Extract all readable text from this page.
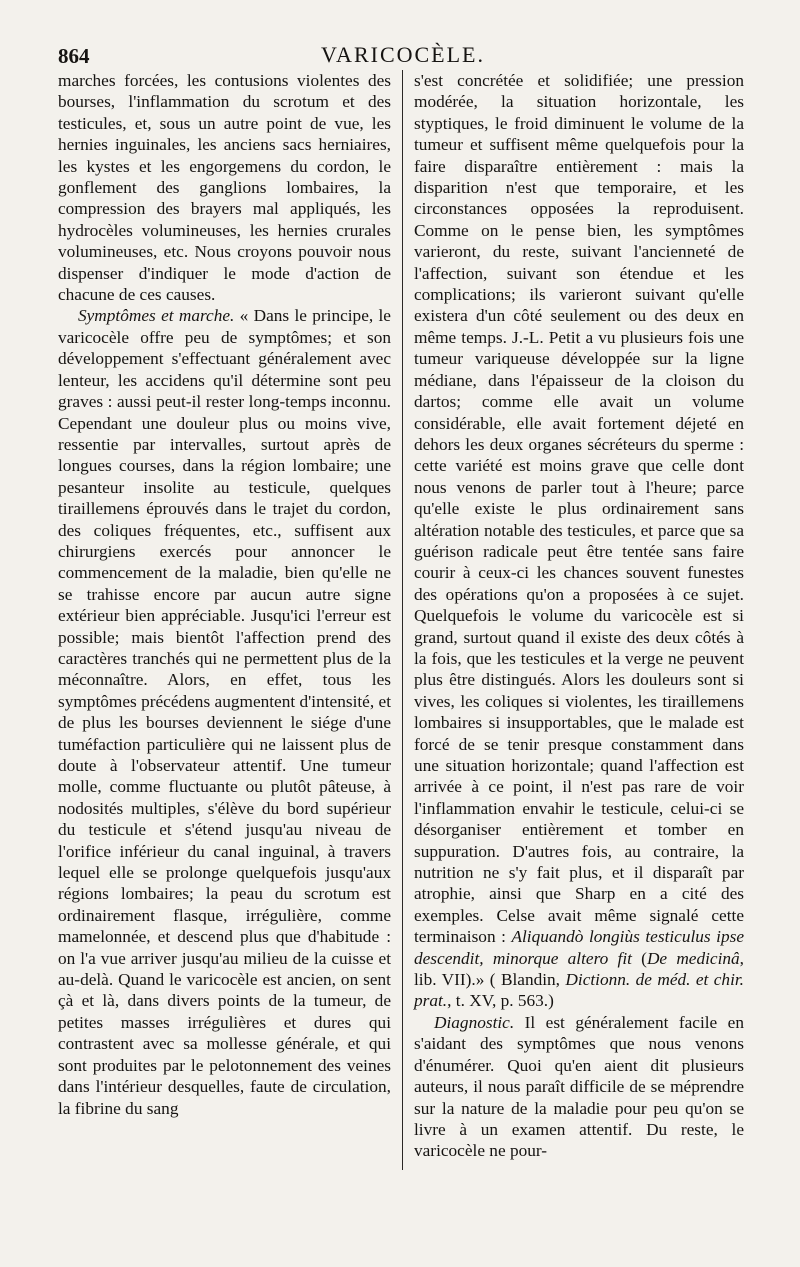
864	VARICOCÈLE.

marches forcées, les contusions violentes des bourses, l'inflammation du scrotum et des testicules, et, sous un autre point de vue, les hernies inguinales, les anciens sacs herniaires, les kystes et les engorgemens du cordon, le gonflement des ganglions lombaires, la compression des brayers mal appliqués, les hydrocèles volumineuses, les hernies crurales volumineuses, etc. Nous croyons pouvoir nous dispenser d'indiquer le mode d'action de chacune de ces causes.

Symptômes et marche. « Dans le principe, le varicocèle offre peu de symptômes; et son développement s'effectuant généralement avec lenteur, les accidens qu'il détermine sont peu graves : aussi peut-il rester long-temps inconnu. Cependant une douleur plus ou moins vive, ressentie par intervalles, surtout après de longues courses, dans la région lombaire; une pesanteur insolite au testicule, quelques tiraillemens éprouvés dans le trajet du cordon, des coliques fréquentes, etc., suffisent aux chirurgiens exercés pour annoncer le commencement de la maladie, bien qu'elle ne se trahisse encore par aucun autre signe extérieur bien appréciable. Jusqu'ici l'erreur est possible; mais bientôt l'affection prend des caractères tranchés qui ne permettent plus de la méconnaître. Alors, en effet, tous les symptômes précédens augmentent d'intensité, et de plus les bourses deviennent le siége d'une tuméfaction particulière qui ne laissent plus de doute à l'observateur attentif. Une tumeur molle, comme fluctuante ou plutôt pâteuse, à nodosités multiples, s'élève du bord supérieur du testicule et s'étend jusqu'au niveau de l'orifice inférieur du canal inguinal, à travers lequel elle se prolonge quelquefois jusqu'aux régions lombaires; la peau du scrotum est ordinairement flasque, irrégulière, comme mamelonnée, et descend plus que d'habitude : on l'a vue arriver jusqu'au milieu de la cuisse et au-delà. Quand le varicocèle est ancien, on sent çà et là, dans divers points de la tumeur, de petites masses irrégulières et dures qui contrastent avec sa mollesse générale, et qui sont produites par le pelotonnement des veines dans l'intérieur desquelles, faute de circulation, la fibrine du sang

s'est concrétée et solidifiée; une pression modérée, la situation horizontale, les styptiques, le froid diminuent le volume de la tumeur et suffisent même quelquefois pour la faire disparaître entièrement : mais la disparition n'est que temporaire, et les circonstances opposées la reproduisent. Comme on le pense bien, les symptômes varieront, du reste, suivant l'ancienneté de l'affection, suivant son étendue et les complications; ils varieront suivant qu'elle existera d'un côté seulement ou des deux en même temps. J.-L. Petit a vu plusieurs fois une tumeur variqueuse développée sur la ligne médiane, dans l'épaisseur de la cloison du dartos; comme elle avait un volume considérable, elle avait fortement déjeté en dehors les deux organes sécréteurs du sperme : cette variété est moins grave que celle dont nous venons de parler tout à l'heure; parce qu'elle existe le plus ordinairement sans altération notable des testicules, et parce que sa guérison radicale peut être tentée sans faire courir à ceux-ci les chances souvent funestes des opérations qu'on a proposées à ce sujet. Quelquefois le volume du varicocèle est si grand, surtout quand il existe des deux côtés à la fois, que les testicules et la verge ne peuvent plus être distingués. Alors les douleurs sont si vives, les coliques si violentes, les tiraillemens lombaires si insupportables, que le malade est forcé de se tenir presque constamment dans une situation horizontale; quand l'affection est arrivée à ce point, il n'est pas rare de voir l'inflammation envahir le testicule, celui-ci se désorganiser entièrement et tomber en suppuration. D'autres fois, au contraire, la nutrition ne s'y fait plus, et il disparaît par atrophie, ainsi que Sharp en a cité des exemples. Celse avait même signalé cette terminaison : Aliquandò longiùs testiculus ipse descendit, minorque altero fit (De medicinâ, lib. VII).» ( Blandin, Dictionn. de méd. et chir. prat., t. XV, p. 563.)

Diagnostic. Il est généralement facile en s'aidant des symptômes que nous venons d'énumérer. Quoi qu'en aient dit plusieurs auteurs, il nous paraît difficile de se méprendre sur la nature de la maladie pour peu qu'on se livre à un examen attentif. Du reste, le varicocèle ne pour-
